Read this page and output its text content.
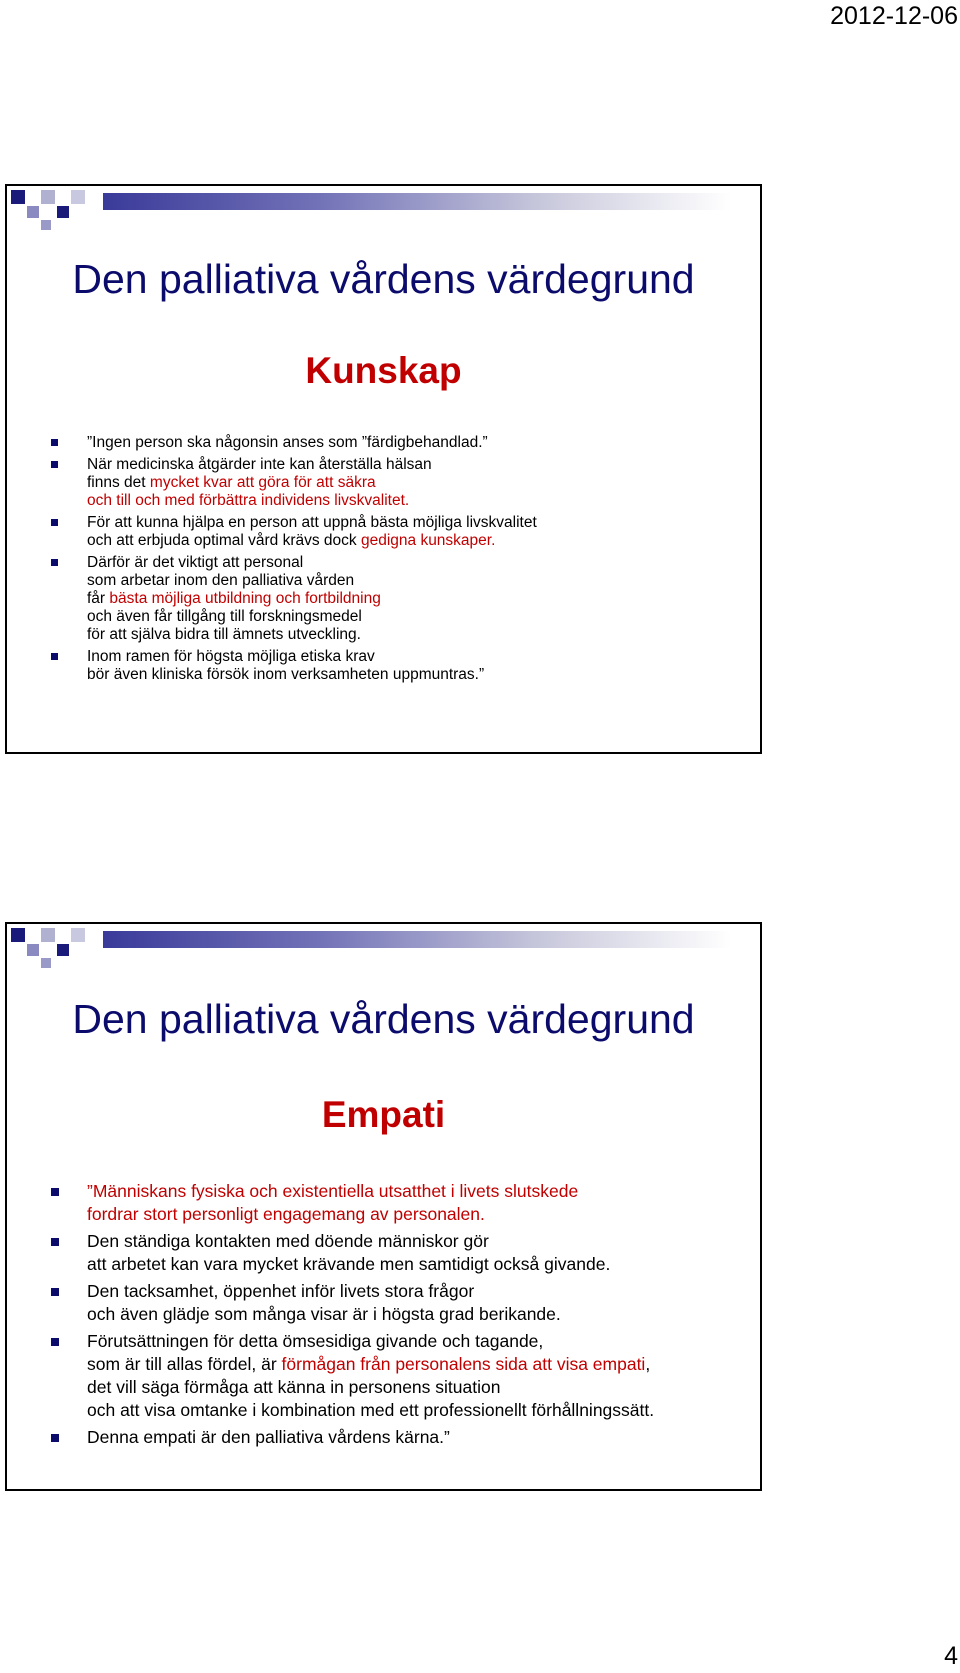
2012-12-06
Den palliativa vårdens värdegrund
Kunskap
”Ingen person ska någonsin anses som ”färdigbehandlad.”
När medicinska åtgärder inte kan återställa hälsan
finns det mycket kvar att göra för att säkra
och till och med förbättra individens livskvalitet.
För att kunna hjälpa en person att uppnå bästa möjliga livskvalitet
och att erbjuda optimal vård krävs dock gedigna kunskaper.
Därför är det viktigt att personal
som arbetar inom den palliativa vården
får bästa möjliga utbildning och fortbildning
och även får tillgång till forskningsmedel
för att själva bidra till ämnets utveckling.
Inom ramen för högsta möjliga etiska krav
bör även kliniska försök inom verksamheten uppmuntras.”
Den palliativa vårdens värdegrund
Empati
”Människans fysiska och existentiella utsatthet i livets slutskede
fordrar stort personligt engagemang av personalen.
Den ständiga kontakten med döende människor gör
att arbetet kan vara mycket krävande men samtidigt också givande.
Den tacksamhet, öppenhet inför livets stora frågor
och även glädje som många visar är i högsta grad berikande.
Förutsättningen för detta ömsesidiga givande och tagande,
som är till allas fördel, är förmågan från personalens sida att visa empati,
det vill säga förmåga att känna in personens situation
och att visa omtanke i kombination med ett professionellt förhållningssätt.
Denna empati är den palliativa vårdens kärna.”
4
